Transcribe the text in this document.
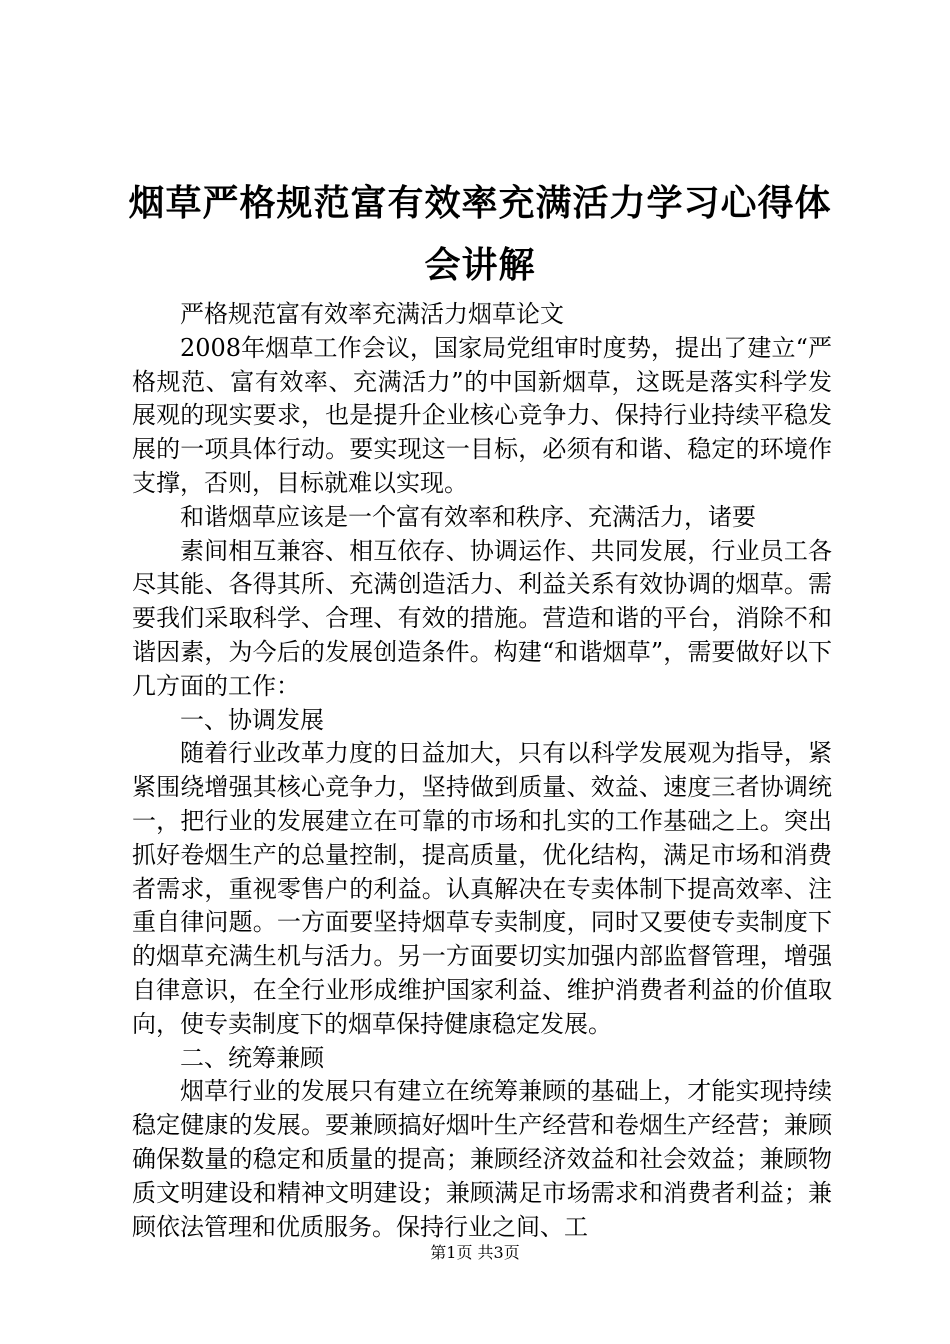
烟草严格规范富有效率充满活力学习心得体会讲解

严格规范富有效率充满活力烟草论文

2008年烟草工作会议，国家局党组审时度势，提出了建立“严格规范、富有效率、充满活力”的中国新烟草，这既是落实科学发展观的现实要求，也是提升企业核心竞争力、保持行业持续平稳发展的一项具体行动。要实现这一目标，必须有和谐、稳定的环境作支撑，否则，目标就难以实现。

和谐烟草应该是一个富有效率和秩序、充满活力，诸要

素间相互兼容、相互依存、协调运作、共同发展，行业员工各尽其能、各得其所、充满创造活力、利益关系有效协调的烟草。需要我们采取科学、合理、有效的措施。营造和谐的平台，消除不和谐因素，为今后的发展创造条件。构建“和谐烟草”，需要做好以下几方面的工作：

一、协调发展

随着行业改革力度的日益加大，只有以科学发展观为指导，紧紧围绕增强其核心竞争力，坚持做到质量、效益、速度三者协调统一，把行业的发展建立在可靠的市场和扎实的工作基础之上。突出抓好卷烟生产的总量控制，提高质量，优化结构，满足市场和消费者需求，重视零售户的利益。认真解决在专卖体制下提高效率、注重自律问题。一方面要坚持烟草专卖制度，同时又要使专卖制度下的烟草充满生机与活力。另一方面要切实加强内部监督管理，增强自律意识，在全行业形成维护国家利益、维护消费者利益的价值取向，使专卖制度下的烟草保持健康稳定发展。

二、统筹兼顾

烟草行业的发展只有建立在统筹兼顾的基础上，才能实现持续稳定健康的发展。要兼顾搞好烟叶生产经营和卷烟生产经营；兼顾确保数量的稳定和质量的提高；兼顾经济效益和社会效益；兼顾物质文明建设和精神文明建设；兼顾满足市场需求和消费者利益；兼顾依法管理和优质服务。保持行业之间、工

第1页 共3页
